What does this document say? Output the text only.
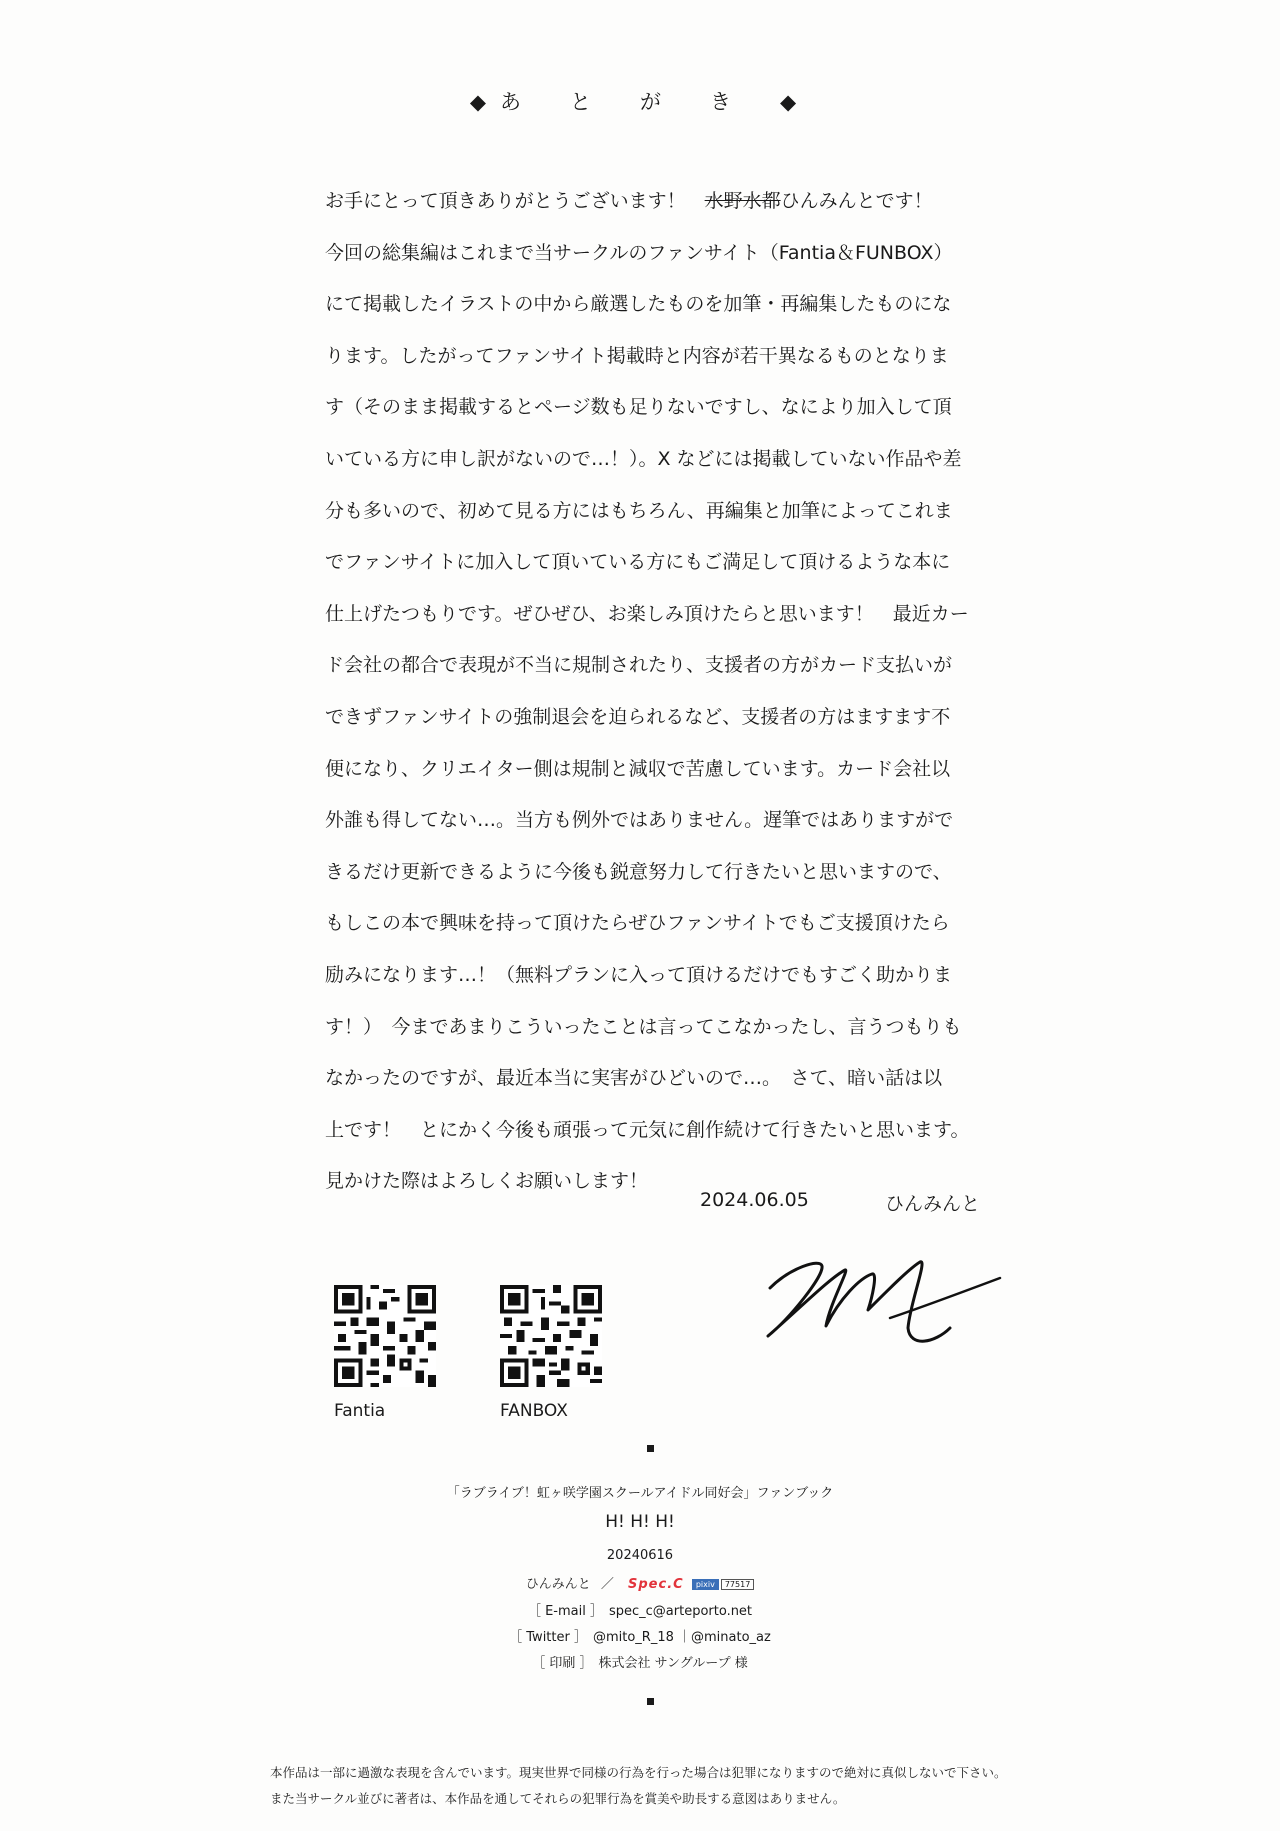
◆あ　と　が　き　◆

お手にとって頂きありがとうございます！　水野水都ひんみんとです！

今回の総集編はこれまで当サークルのファンサイト（Fantia＆FUNBOX）

にて掲載したイラストの中から厳選したものを加筆・再編集したものにな

ります。したがってファンサイト掲載時と内容が若干異なるものとなりま

す（そのまま掲載するとページ数も足りないですし、なにより加入して頂

いている方に申し訳がないので…！）。X などには掲載していない作品や差

分も多いので、初めて見る方にはもちろん、再編集と加筆によってこれま

でファンサイトに加入して頂いている方にもご満足して頂けるような本に

仕上げたつもりです。ぜひぜひ、お楽しみ頂けたらと思います！　最近カー

ド会社の都合で表現が不当に規制されたり、支援者の方がカード支払いが

できずファンサイトの強制退会を迫られるなど、支援者の方はますます不

便になり、クリエイター側は規制と減収で苦慮しています。カード会社以

外誰も得してない…。当方も例外ではありません。遅筆ではありますがで

きるだけ更新できるように今後も鋭意努力して行きたいと思いますので、

もしこの本で興味を持って頂けたらぜひファンサイトでもご支援頂けたら

励みになります…！（無料プランに入って頂けるだけでもすごく助かりま

す！）　今まであまりこういったことは言ってこなかったし、言うつもりも

なかったのですが、最近本当に実害がひどいので…。　さて、暗い話は以

上です！　とにかく今後も頑張って元気に創作続けて行きたいと思います。

見かけた際はよろしくお願いします！

2024.06.05	ひんみんと
Fantia	FANBOX
「ラブライブ！虹ヶ咲学園スクールアイドル同好会」ファンブック
H! H! H!
20240616
ひんみんと ／ Spec.C pixiv 77517
［ E-mail ］ spec_c@arteporto.net
［ Twitter ］ @mito_R_18 ｜@minato_az
［ 印刷 ］ 株式会社 サングループ 様

本作品は一部に過激な表現を含んでいます。現実世界で同様の行為を行った場合は犯罪になりますので絶対に真似しないで下さい。

また当サークル並びに著者は、本作品を通してそれらの犯罪行為を賞美や助長する意図はありません。
